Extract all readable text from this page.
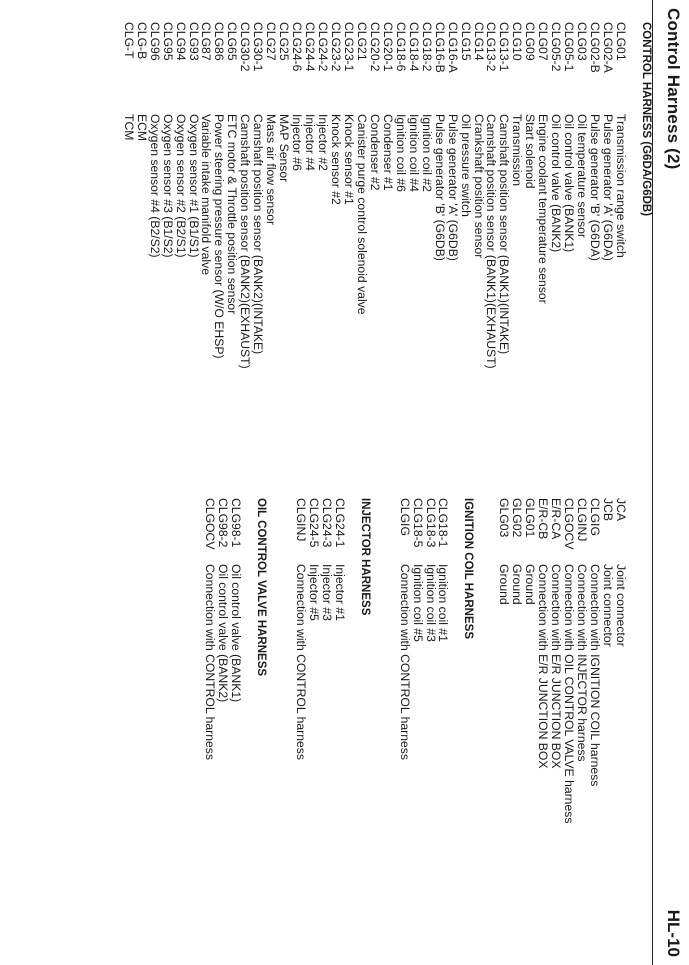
Control Harness (2)
HL-10
CONTROL HARNESS (G6DA/G6DB)
CLG01
Transmission range switch
CLG02-A
Pulse generator 'A' (G6DA)
CLG02-B
Pulse generator 'B' (G6DA)
CLG03
Oil temperature sensor
CLG05-1
Oil control valve (BANK1)
CLG05-2
Oil control valve (BANK2)
CLG07
Engine coolant temperature sensor
CLG09
Start solenoid
CLG10
Transmission
CLG13-1
Camshaft position sensor (BANK1)(INTAKE)
CLG13-2
Camshaft position sensor (BANK1)(EXHAUST)
CLG14
Crankshaft position sensor
CLG15
Oil pressure switch
CLG16-A
Pulse generator 'A' (G6DB)
CLG16-B
Pulse generator 'B' (G6DB)
CLG18-2
Ignition coil #2
CLG18-4
Ignition coil #4
CLG18-6
Ignition coil #6
CLG20-1
Condenser #1
CLG20-2
Condenser #2
CLG21
Canister purge control solenoid valve
CLG23-1
Knock sensor #1
CLG23-2
Knock sensor #2
CLG24-2
Injector #2
CLG24-4
Injector #4
CLG24-6
Injector #6
CLG25
MAP Sensor
CLG27
Mass air flow sensor
CLG30-1
Camshaft position sensor (BANK2)(INTAKE)
CLG30-2
Camshaft position sensor (BANK2)(EXHAUST)
CLG65
ETC motor & Throttle position sensor
CLG86
Power steering pressure sensor (W/O EHSP)
CLG87
Variable intake manifold valve
CLG93
Oxygen sensor #1 (B1/S1)
CLG94
Oxygen sensor #2 (B2/S1)
CLG95
Oxygen sensor #3 (B1/S2)
CLG96
Oxygen sensor #4 (B2/S2)
CLG-B
ECM
CLG-T
TCM
JCA
Joint connector
JCB
Joint connector
CLGIG
Connection with IGNITION COIL harness
CLGINJ
Connection with INJECTOR harness
CLGOCV
Connection with OIL CONTROL VALVE harness
E/R-CA
Connection with E/R JUNCTION BOX
E/R-CB
Connection with E/R JUNCTION BOX
GLG01
Ground
GLG02
Ground
GLG03
Ground
IGNITION COIL HARNESS
CLG18-1
Ignition coil #1
CLG18-3
Ignition coil #3
CLG18-5
Ignition coil #5
CLGIG
Connection with CONTROL harness
INJECTOR HARNESS
CLG24-1
Injector #1
CLG24-3
Injector #3
CLG24-5
Injector #5
CLGINJ
Connection with CONTROL harness
OIL CONTROL VALVE HARNESS
CLG98-1
Oil control valve (BANK1)
CLG98-2
Oil control valve (BANK2)
CLGOCV
Connection with CONTROL harness
